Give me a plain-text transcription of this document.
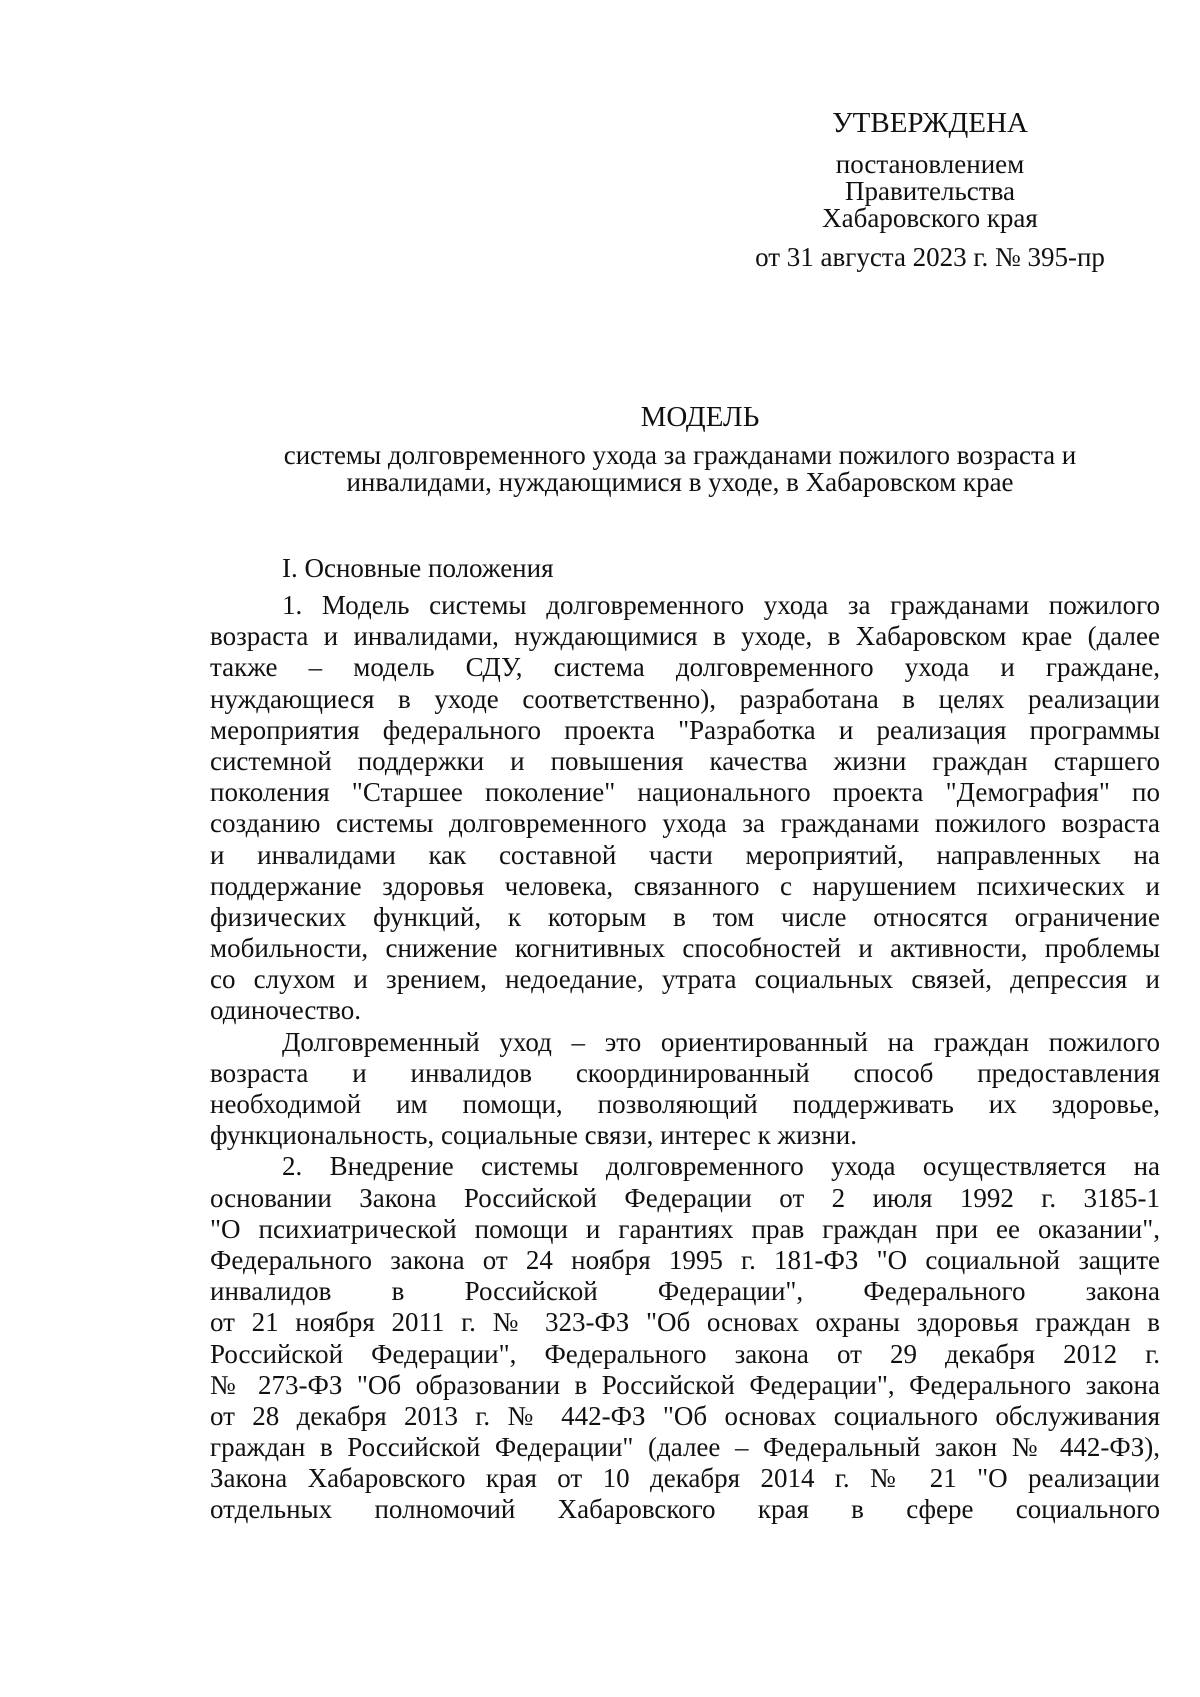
УТВЕРЖДЕНА
постановлением
Правительства
Хабаровского края
от 31 августа 2023 г. № 395-пр
МОДЕЛЬ
системы долговременного ухода за гражданами пожилого возраста и
инвалидами, нуждающимися в уходе, в Хабаровском крае
I. Основные положения
1. Модель системы долговременного ухода за гражданами пожилого
возраста и инвалидами, нуждающимися в уходе, в Хабаровском крае (далее
также – модель СДУ, система долговременного ухода и граждане,
нуждающиеся в уходе соответственно), разработана в целях реализации
мероприятия федерального проекта "Разработка и реализация программы
системной поддержки и повышения качества жизни граждан старшего
поколения "Старшее поколение" национального проекта "Демография" по
созданию системы долговременного ухода за гражданами пожилого возраста
и инвалидами как составной части мероприятий, направленных на
поддержание здоровья человека, связанного с нарушением психических и
физических функций, к которым в том числе относятся ограничение
мобильности, снижение когнитивных способностей и активности, проблемы
со слухом и зрением, недоедание, утрата социальных связей, депрессия и
одиночество.
Долговременный уход – это ориентированный на граждан пожилого
возраста и инвалидов скоординированный способ предоставления
необходимой им помощи, позволяющий поддерживать их здоровье,
функциональность, социальные связи, интерес к жизни.
2. Внедрение системы долговременного ухода осуществляется на
основании Закона Российской Федерации от 2 июля 1992 г. 3185-1
"О психиатрической помощи и гарантиях прав граждан при ее оказании",
Федерального закона от 24 ноября 1995 г. 181-ФЗ "О социальной защите
инвалидов в Российской Федерации", Федерального закона
от 21 ноября 2011 г. № 323-ФЗ "Об основах охраны здоровья граждан в
Российской Федерации", Федерального закона от 29 декабря 2012 г.
№ 273-ФЗ "Об образовании в Российской Федерации", Федерального закона
от 28 декабря 2013 г. № 442-ФЗ "Об основах социального обслуживания
граждан в Российской Федерации" (далее – Федеральный закон № 442-ФЗ),
Закона Хабаровского края от 10 декабря 2014 г. № 21 "О реализации
отдельных полномочий Хабаровского края в сфере социального
